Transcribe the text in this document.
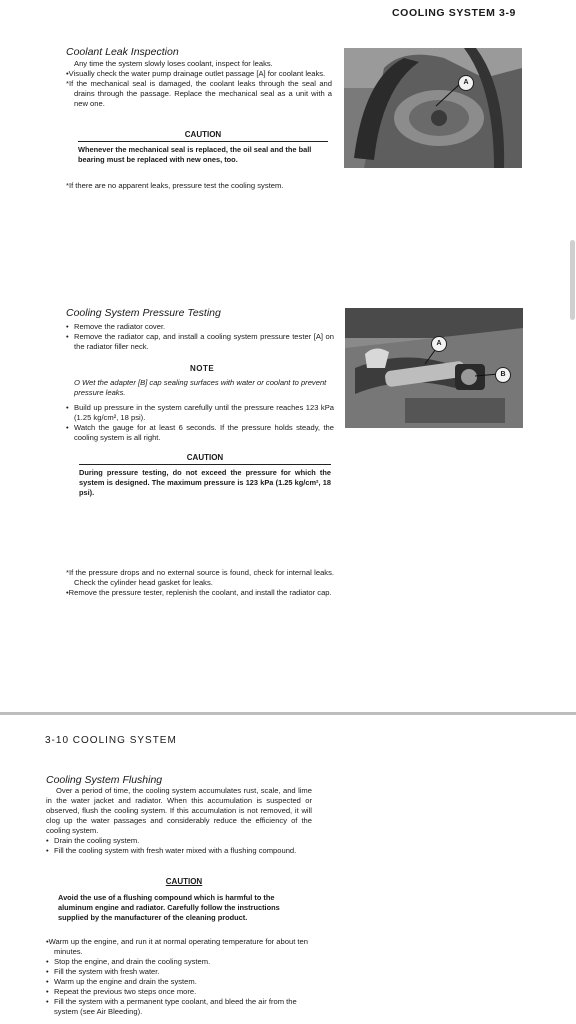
COOLING SYSTEM 3-9
Coolant Leak Inspection

Any time the system slowly loses coolant, inspect for leaks.

•Visually check the water pump drainage outlet passage [A] for coolant leaks.

*If the mechanical seal is damaged, the coolant leaks through the seal and drains through the passage. Replace the mechanical seal as a unit with a new one.

CAUTION

Whenever the mechanical seal is replaced, the oil seal and the ball bearing must be replaced with new ones, too.

*If there are no apparent leaks, pressure test the cooling system.
A
Cooling System Pressure Testing

• Remove the radiator cover.

• Remove the radiator cap, and install a cooling system pressure tester [A] on the radiator filler neck.

NOTE
O Wet the adapter [B] cap sealing surfaces with water or coolant to prevent pressure leaks.

• Build up pressure in the system carefully until the pressure reaches 123 kPa (1.25 kg/cm², 18 psi).

• Watch the gauge for at least 6 seconds. If the pressure holds steady, the cooling system is all right.

CAUTION

During pressure testing, do not exceed the pressure for which the system is designed. The maximum pressure is 123 kPa (1.25 kg/cm², 18 psi).

*If the pressure drops and no external source is found, check for internal leaks. Check the cylinder head gasket for leaks.

•Remove the pressure tester, replenish the coolant, and install the radiator cap.

A
B
3-10 COOLING SYSTEM
Cooling System Flushing

Over a period of time, the cooling system accumulates rust, scale, and lime in the water jacket and radiator. When this accumulation is suspected or observed, flush the cooling system. If this accumulation is not removed, it will clog up the water passages and considerably reduce the efficiency of the cooling system.

• Drain the cooling system.

• Fill the cooling system with fresh water mixed with a flushing compound.

CAUTION

Avoid the use of a flushing compound which is harmful to the aluminum engine and radiator. Carefully follow the instructions supplied by the manufacturer of the cleaning product.

•Warm up the engine, and run it at normal operating temperature for about ten minutes.

• Stop the engine, and drain the cooling system.

• Fill the system with fresh water.

• Warm up the engine and drain the system.

• Repeat the previous two steps once more.

• Fill the system with a permanent type coolant, and bleed the air from the system (see Air Bleeding).
